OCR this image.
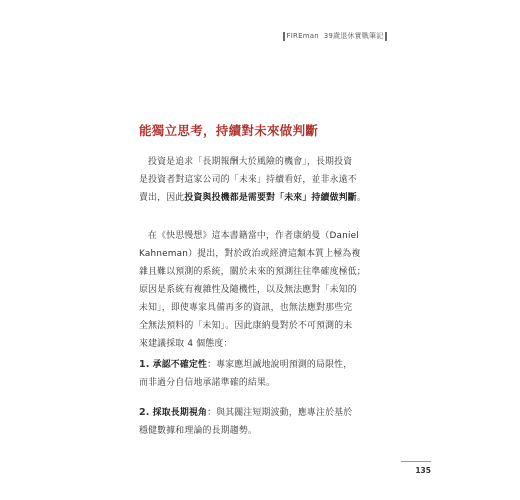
FIREman 39歲退休實戰筆記
能獨立思考，持續對未來做判斷
投資是追求「長期報酬大於風險的機會」，長期投資
是投資者對這家公司的「未來」持續看好，並非永遠不
賣出，因此投資與投機都是需要對「未來」持續做判斷。
在《快思慢想》這本書籍當中，作者康納曼（Daniel
Kahneman）提出，對於政治或經濟這類本質上極為複
雜且難以預測的系統，關於未來的預測往往準確度極低；
原因是系統有複雜性及隨機性，以及無法應對「未知的
未知」，即使專家具備再多的資訊，也無法應對那些完
全無法預料的「未知」。因此康納曼對於不可預測的未
來建議採取 4 個態度：
1. 承認不確定性：專家應坦誠地說明預測的局限性，
而非過分自信地承諾準確的結果。
2. 採取長期視角：與其關注短期波動，應專注於基於
穩健數據和理論的長期趨勢。
135
